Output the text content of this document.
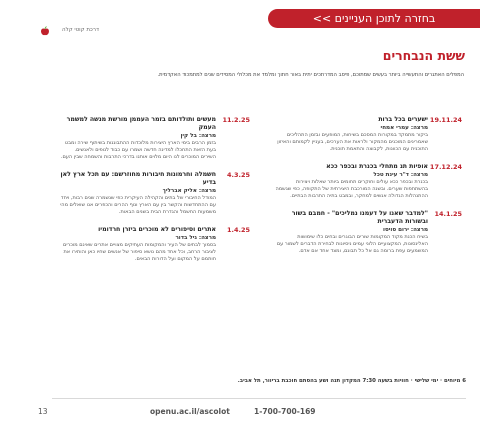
בחזרה לתוכן העניינים >>
דרכת קוטי קלה
ששת הנבחרים
המפלים האתגרים והתעשייה ביותר בעשים שמתוכם, פיסב המדרתכים יתית באור חתוך ומלמד את מכלולי המסידים שנים למתמכוד האקדמית.
19.11.24
ישערים בכל ברות
מרצה: עמרי אמחי
ביקור מתמקד במקורות המסכם בשיחות, המופעים ובזמן התהליכים שאמרינים המוכנים מהמקור ולראות את הערכים, בעניין לקמותם והאיזון התוכנית עם הכוונות, לקבוצה והתאמת תוכנית.
17.12.24
אופיות תנ מתחלי בכנרת ובכפר ככא
מרצה: ד"ר עינת טכל
בכנרת ובכפר ככא עולים וחוקרים תחומים ביותר שאלות ויצירות בהשתתפות שערים. ובשנה המורכבת היצירתית של התקופה, כפי שגשמה ההתנהלות הגדולה אנשים למחקר, ובמבט בתיה התרבות הבתיים.
14.1.25
"למדבר שאנו על דעמנו נמליכים" - חמבם בשור ובשורות הדעברית
מרצה: ירום סויסו
בשיח הכנת מקוד המקומות שורים הבוגרים ובחים כלו שימושות האלינסונות, המקצועיים הלוני עמים ניסיונות לבחירת הדברים לשמור עם המשמעים עפת ברומה גם אל כל תבונם, ומצד אחד אם אדם.
11.2.25
מעשים ותולדותם בזמר העממן מורשת מנשה למשמר העמק
מרצה: בל קין
בזמן הרבים בימי הארץ היצירות מלוכדות ההתבוננות בשיתוף שירה ומבט בעת הזאת התחכלו למדינה חדשה ושמרו עם כבוד לנופים ולאנשים. השירים המוכרים לנו היום מלוים אותנו בדרכי התרבות והשמחה שבין העם.
4.3.25
חשמלה וחרמונות חיבורות מחוזרשם: עם תכל ארץ לאן בדיע
מרצה: אליק אברליך
המודל החיבורי של בתים והקהילה העיקרית כפי שנשמרה שנים רבות, ויחד עם ההתחדשות והקשר בין עם הארץ ונוף ההרים והכפרים אנו שואלים מהי משמעות החשמל והגדרת הבית בשנים הבאות.
1.4.25
אתרים וסיפורים לא מוכרים ביזרן חרדומיו
מרצה: גיל בדור
בסמוך לבתים של העיר והמקומות העתיקים מצויים אתרים שאינם מוכרים לציבור הרחב, וכל אחד מהם נושא סיפור של אנשים שחיו כאן והותירו את חותמם על המקום ועל הדורות הבאים.
6 מיוחים · ימי שלישי · חוויות בשעה 7:30 המקדון תנה ושע בהסתם חוכבת בריוור, תל אביב.
1-700-700-169
openu.ac.il/ascolot
13
